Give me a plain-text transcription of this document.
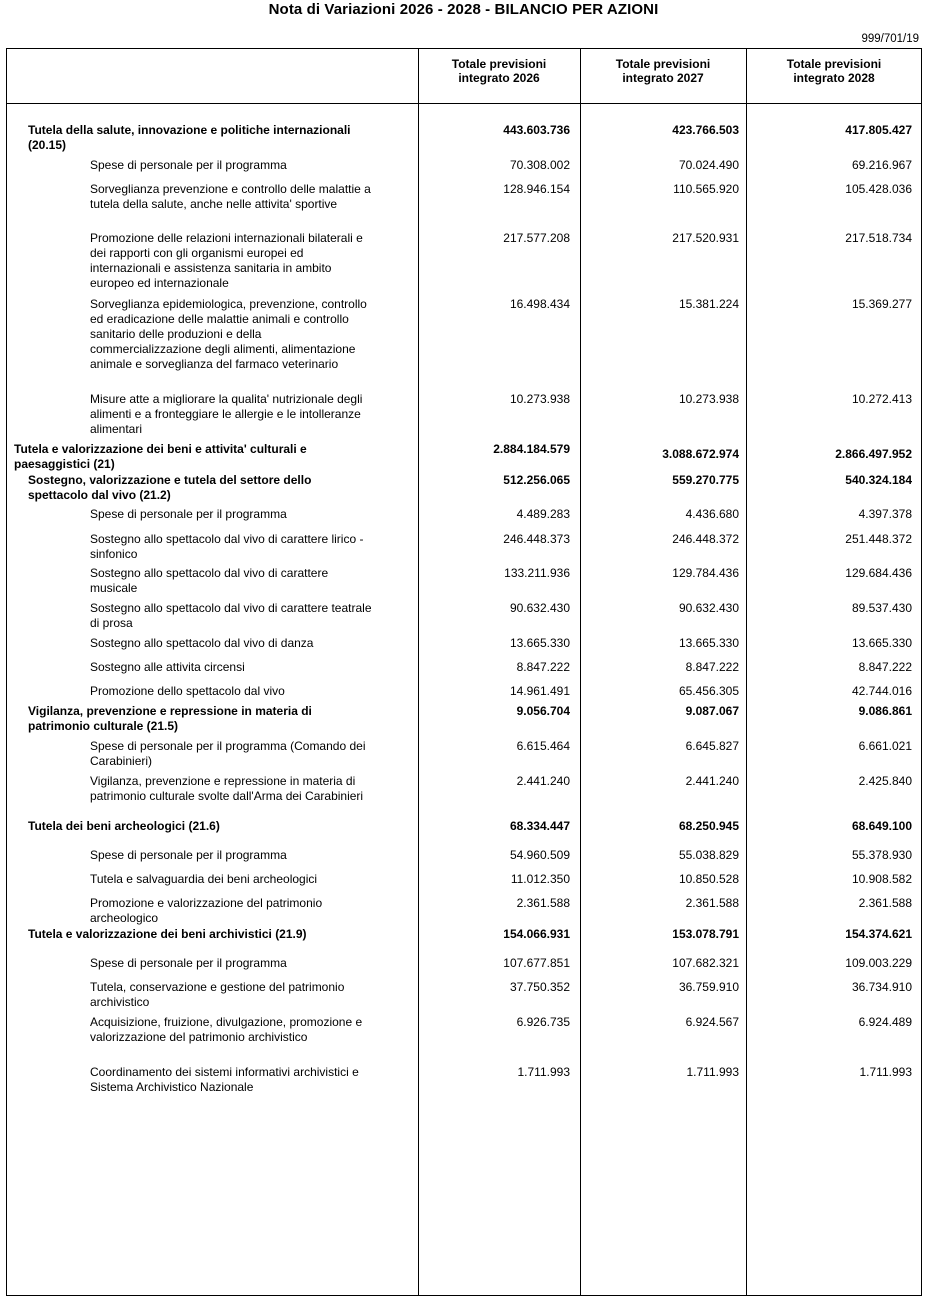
Nota di Variazioni 2026 - 2028 - BILANCIO PER AZIONI
999/701/19
Totale previsioni
integrato 2026
Totale previsioni
integrato 2027
Totale previsioni
integrato 2028
Tutela della salute, innovazione e politiche internazionali (20.15)
443.603.736	423.766.503	417.805.427
Spese di personale per il programma	70.308.002	70.024.490	69.216.967
Sorveglianza prevenzione e controllo delle malattie a tutela della salute, anche nelle attivita' sportive
128.946.154	110.565.920	105.428.036
Promozione delle relazioni internazionali bilaterali e dei rapporti con gli organismi europei ed internazionali e assistenza sanitaria in ambito europeo ed internazionale
217.577.208	217.520.931	217.518.734
Sorveglianza epidemiologica, prevenzione, controllo ed eradicazione delle malattie animali e controllo sanitario delle produzioni e della commercializzazione degli alimenti, alimentazione animale e sorveglianza del farmaco veterinario
16.498.434	15.381.224	15.369.277
Misure atte a migliorare la qualita' nutrizionale degli alimenti e a fronteggiare le allergie e le intolleranze alimentari
10.273.938	10.273.938	10.272.413
Tutela e valorizzazione dei beni e attivita' culturali e paesaggistici (21)
2.884.184.579	3.088.672.974	2.866.497.952
Sostegno, valorizzazione e tutela del settore dello spettacolo dal vivo (21.2)
512.256.065	559.270.775	540.324.184
Spese di personale per il programma	4.489.283	4.436.680	4.397.378
Sostegno allo spettacolo dal vivo di carattere lirico - sinfonico
246.448.373	246.448.372	251.448.372
Sostegno allo spettacolo dal vivo di carattere musicale
133.211.936	129.784.436	129.684.436
Sostegno allo spettacolo dal vivo di carattere teatrale di prosa
90.632.430	90.632.430	89.537.430
Sostegno allo spettacolo dal vivo di danza	13.665.330	13.665.330	13.665.330
Sostegno alle attivita circensi	8.847.222	8.847.222	8.847.222
Promozione dello spettacolo dal vivo	14.961.491	65.456.305	42.744.016
Vigilanza, prevenzione e repressione in materia di patrimonio culturale (21.5)
9.056.704	9.087.067	9.086.861
Spese di personale per il programma (Comando dei Carabinieri)
6.615.464	6.645.827	6.661.021
Vigilanza, prevenzione e repressione in materia di patrimonio culturale svolte dall'Arma dei Carabinieri
2.441.240	2.441.240	2.425.840
Tutela dei beni archeologici (21.6)	68.334.447	68.250.945	68.649.100
Spese di personale per il programma	54.960.509	55.038.829	55.378.930
Tutela e salvaguardia dei beni archeologici	11.012.350	10.850.528	10.908.582
Promozione e valorizzazione del patrimonio archeologico
2.361.588	2.361.588	2.361.588
Tutela e valorizzazione dei beni archivistici (21.9)	154.066.931	153.078.791	154.374.621
Spese di personale per il programma	107.677.851	107.682.321	109.003.229
Tutela, conservazione e gestione del patrimonio archivistico
37.750.352	36.759.910	36.734.910
Acquisizione, fruizione, divulgazione, promozione e valorizzazione del patrimonio archivistico
6.926.735	6.924.567	6.924.489
Coordinamento dei sistemi informativi archivistici e Sistema Archivistico Nazionale
1.711.993	1.711.993	1.711.993
